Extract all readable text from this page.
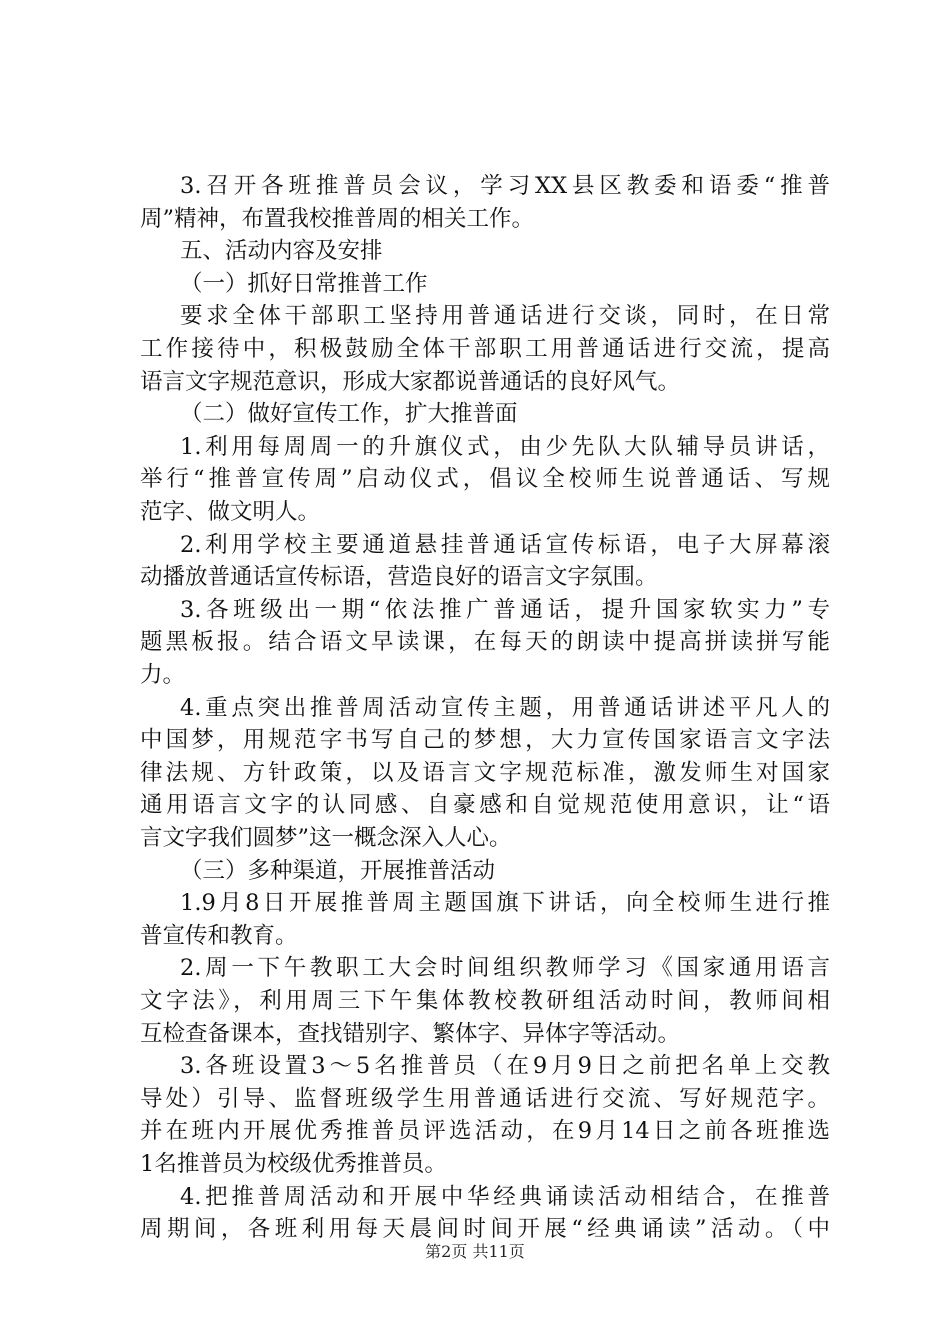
3.召开各班推普员会议，学习XX县区教委和语委“推普
周”精神，布置我校推普周的相关工作。
五、活动内容及安排
（一）抓好日常推普工作
要求全体干部职工坚持用普通话进行交谈，同时，在日常
工作接待中，积极鼓励全体干部职工用普通话进行交流，提高
语言文字规范意识，形成大家都说普通话的良好风气。
（二）做好宣传工作，扩大推普面
1.利用每周周一的升旗仪式，由少先队大队辅导员讲话，
举行“推普宣传周”启动仪式，倡议全校师生说普通话、写规
范字、做文明人。
2.利用学校主要通道悬挂普通话宣传标语，电子大屏幕滚
动播放普通话宣传标语，营造良好的语言文字氛围。
3.各班级出一期“依法推广普通话，提升国家软实力”专
题黑板报。结合语文早读课，在每天的朗读中提高拼读拼写能
力。
4.重点突出推普周活动宣传主题，用普通话讲述平凡人的
中国梦，用规范字书写自己的梦想，大力宣传国家语言文字法
律法规、方针政策，以及语言文字规范标准，激发师生对国家
通用语言文字的认同感、自豪感和自觉规范使用意识，让“语
言文字我们圆梦”这一概念深入人心。
（三）多种渠道，开展推普活动
1.9月8日开展推普周主题国旗下讲话，向全校师生进行推
普宣传和教育。
2.周一下午教职工大会时间组织教师学习《国家通用语言
文字法》，利用周三下午集体教校教研组活动时间，教师间相
互检查备课本，查找错别字、繁体字、异体字等活动。
3.各班设置3～5名推普员（在9月9日之前把名单上交教
导处）引导、监督班级学生用普通话进行交流、写好规范字。
并在班内开展优秀推普员评选活动，在9月14日之前各班推选
1名推普员为校级优秀推普员。
4.把推普周活动和开展中华经典诵读活动相结合，在推普
周期间，各班利用每天晨间时间开展“经典诵读”活动。（中
第2页 共11页
